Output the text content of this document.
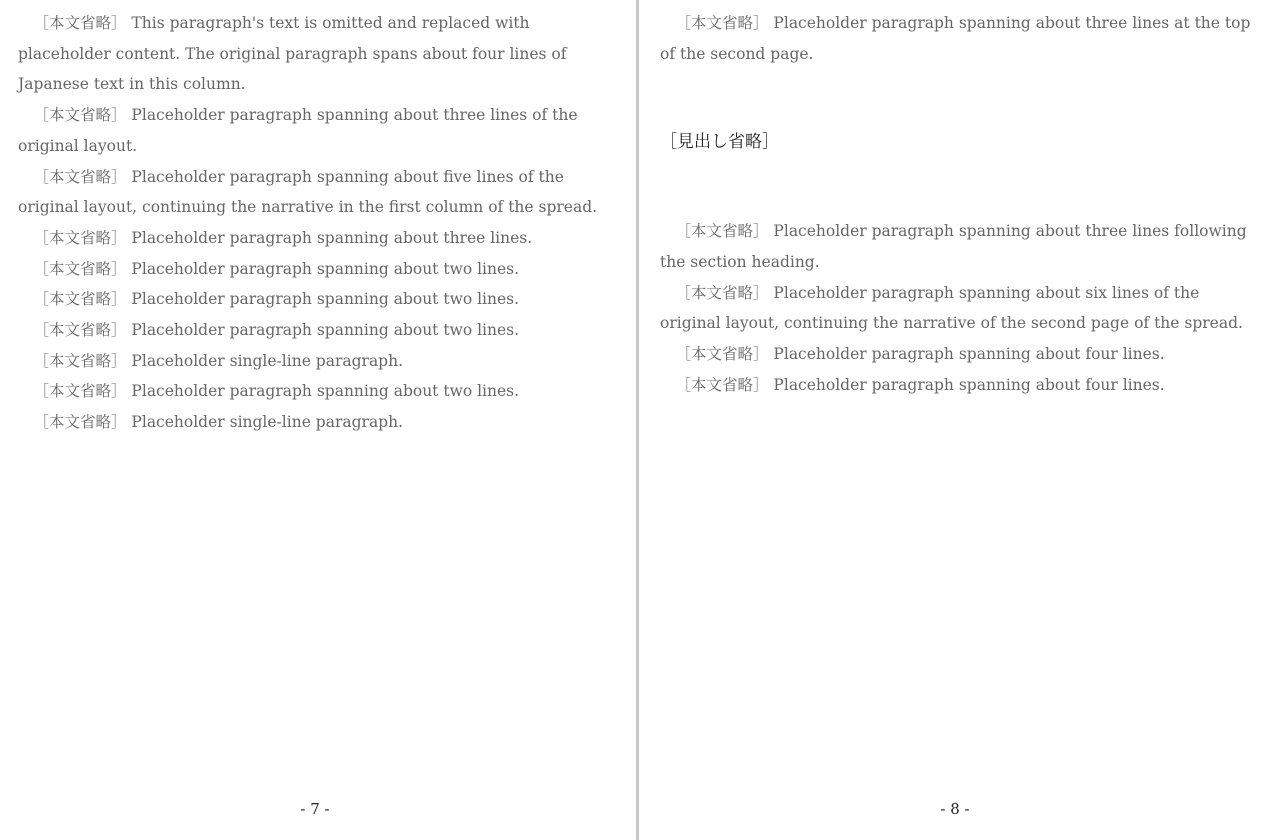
［本文省略］ This paragraph's text is omitted and replaced with placeholder content. The original paragraph spans about four lines of Japanese text in this column.

［本文省略］ Placeholder paragraph spanning about three lines of the original layout.

［本文省略］ Placeholder paragraph spanning about five lines of the original layout, continuing the narrative in the first column of the spread.

［本文省略］ Placeholder paragraph spanning about three lines.

［本文省略］ Placeholder paragraph spanning about two lines.

［本文省略］ Placeholder paragraph spanning about two lines.

［本文省略］ Placeholder paragraph spanning about two lines.

［本文省略］ Placeholder single-line paragraph.

［本文省略］ Placeholder paragraph spanning about two lines.

［本文省略］ Placeholder single-line paragraph.

- 7 -

［本文省略］ Placeholder paragraph spanning about three lines at the top of the second page.

［見出し省略］

［本文省略］ Placeholder paragraph spanning about three lines following the section heading.

［本文省略］ Placeholder paragraph spanning about six lines of the original layout, continuing the narrative of the second page of the spread.

［本文省略］ Placeholder paragraph spanning about four lines.

［本文省略］ Placeholder paragraph spanning about four lines.

- 8 -
